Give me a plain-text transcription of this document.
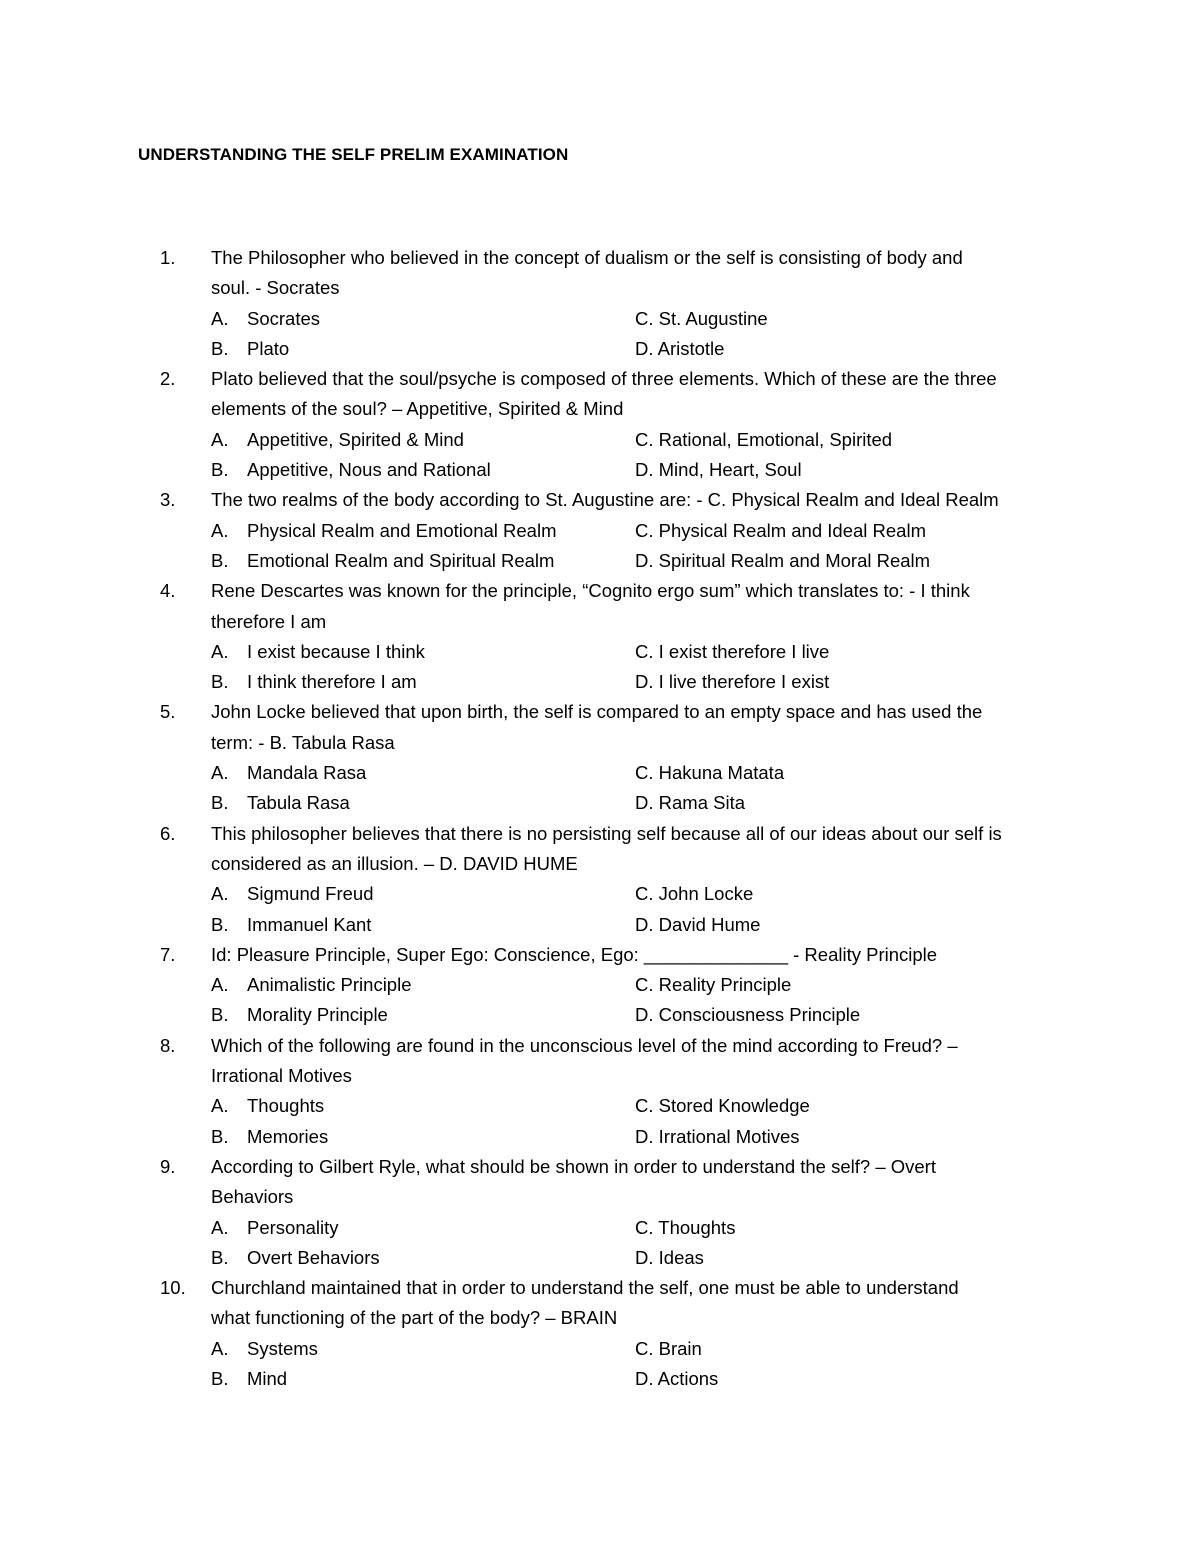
UNDERSTANDING THE SELF PRELIM EXAMINATION
1.	The Philosopher who believed in the concept of dualism or the self is consisting of body and
soul. - Socrates
A. Socrates	C. St. Augustine
B. Plato	D. Aristotle
2.	Plato believed that the soul/psyche is composed of three elements. Which of these are the three
elements of the soul? – Appetitive, Spirited & Mind
A. Appetitive, Spirited & Mind	C. Rational, Emotional, Spirited
B. Appetitive, Nous and Rational	D. Mind, Heart, Soul
3.	The two realms of the body according to St. Augustine are: - C. Physical Realm and Ideal Realm
A. Physical Realm and Emotional Realm	C. Physical Realm and Ideal Realm
B. Emotional Realm and Spiritual Realm	D. Spiritual Realm and Moral Realm
4.	Rene Descartes was known for the principle, “Cognito ergo sum” which translates to: - I think
therefore I am
A. I exist because I think	C. I exist therefore I live
B. I think therefore I am	D. I live therefore I exist
5.	John Locke believed that upon birth, the self is compared to an empty space and has used the
term: - B. Tabula Rasa
A. Mandala Rasa	C. Hakuna Matata
B. Tabula Rasa	D. Rama Sita
6.	This philosopher believes that there is no persisting self because all of our ideas about our self is
considered as an illusion. – D. DAVID HUME
A. Sigmund Freud	C. John Locke
B. Immanuel Kant	D. David Hume
7.	Id: Pleasure Principle, Super Ego: Conscience, Ego: ______________ - Reality Principle
A. Animalistic Principle	C. Reality Principle
B. Morality Principle	D. Consciousness Principle
8.	Which of the following are found in the unconscious level of the mind according to Freud? –
Irrational Motives
A. Thoughts	C. Stored Knowledge
B. Memories	D. Irrational Motives
9.	According to Gilbert Ryle, what should be shown in order to understand the self? – Overt
Behaviors
A. Personality	C. Thoughts
B. Overt Behaviors	D. Ideas
10.	Churchland maintained that in order to understand the self, one must be able to understand
what functioning of the part of the body? – BRAIN
A. Systems	C. Brain
B. Mind	D. Actions
